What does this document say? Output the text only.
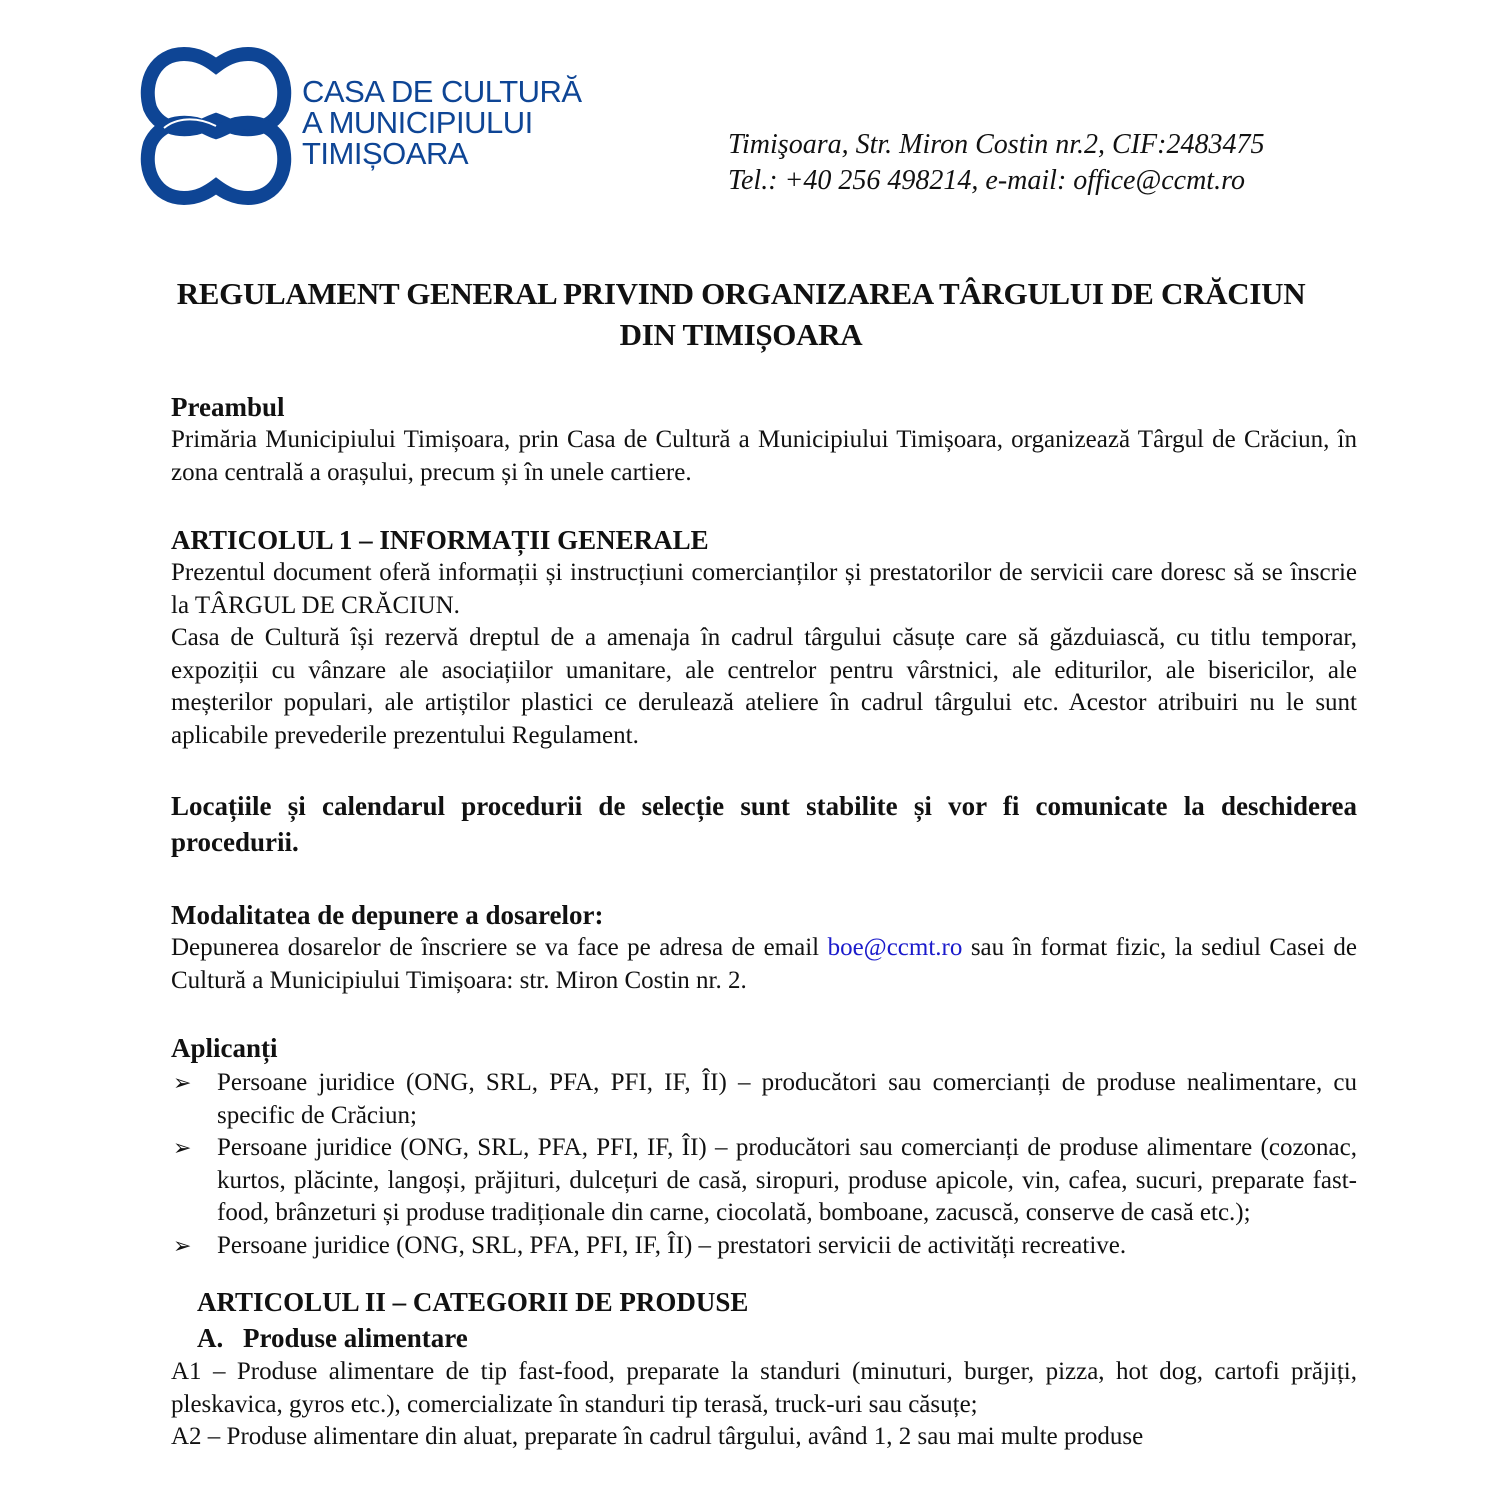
CASA DE CULTURĂ
A MUNICIPIULUI
TIMIȘOARA	Timişoara, Str. Miron Costin nr.2, CIF:2483475
Tel.: +40 256 498214, e-mail: office@ccmt.ro
REGULAMENT GENERAL PRIVIND ORGANIZAREA TÂRGULUI DE CRĂCIUN
DIN TIMIȘOARA
Preambul

Primăria Municipiului Timișoara, prin Casa de Cultură a Municipiului Timișoara, organizează Târgul de Crăciun, în zona centrală a orașului, precum și în unele cartiere.

ARTICOLUL 1 – INFORMAȚII GENERALE

Prezentul document oferă informații și instrucțiuni comercianților și prestatorilor de servicii care doresc să se înscrie la TÂRGUL DE CRĂCIUN.

Casa de Cultură își rezervă dreptul de a amenaja în cadrul târgului căsuțe care să găzduiască, cu titlu temporar, expoziții cu vânzare ale asociațiilor umanitare, ale centrelor pentru vârstnici, ale editurilor, ale bisericilor, ale meșterilor populari, ale artiștilor plastici ce derulează ateliere în cadrul târgului etc. Acestor atribuiri nu le sunt aplicabile prevederile prezentului Regulament.

Locațiile și calendarul procedurii de selecție sunt stabilite și vor fi comunicate la deschiderea procedurii.
Modalitatea de depunere a dosarelor:

Depunerea dosarelor de înscriere se va face pe adresa de email boe@ccmt.ro sau în format fizic, la sediul Casei de Cultură a Municipiului Timișoara: str. Miron Costin nr. 2.

Aplicanți
➢ Persoane juridice (ONG, SRL, PFA, PFI, IF, ÎI) – producători sau comercianți de produse nealimentare, cu specific de Crăciun;
➢ Persoane juridice (ONG, SRL, PFA, PFI, IF, ÎI) – producători sau comercianți de produse alimentare (cozonac, kurtos, plăcinte, langoși, prăjituri, dulcețuri de casă, siropuri, produse apicole, vin, cafea, sucuri, preparate fast-food, brânzeturi și produse tradiționale din carne, ciocolată, bomboane, zacuscă, conserve de casă etc.);
➢ Persoane juridice (ONG, SRL, PFA, PFI, IF, ÎI) – prestatori servicii de activități recreative.
ARTICOLUL II – CATEGORII DE PRODUSE
A. Produse alimentare

A1 – Produse alimentare de tip fast-food, preparate la standuri (minuturi, burger, pizza, hot dog, cartofi prăjiți, pleskavica, gyros etc.), comercializate în standuri tip terasă, truck-uri sau căsuțe;

A2 – Produse alimentare din aluat, preparate în cadrul târgului, având 1, 2 sau mai multe produse
